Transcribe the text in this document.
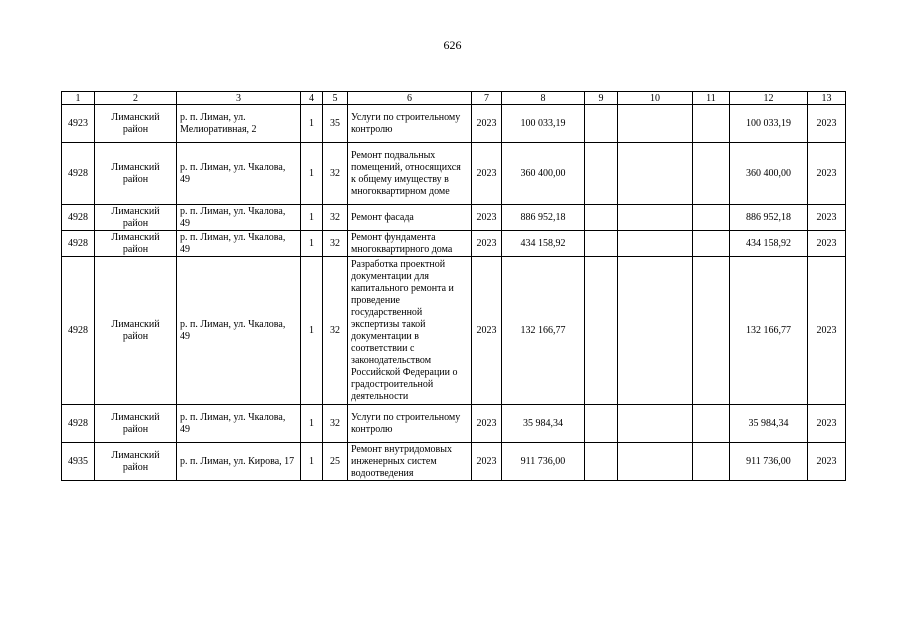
626
1	2	3	4	5	6	7	8	9	10	11	12	13
4923	Лиманский район	р. п. Лиман, ул. Мелиоративная, 2	1	35	Услуги по строительному контролю	2023	100 033,19				100 033,19	2023
4928	Лиманский район	р. п. Лиман, ул. Чкалова, 49	1	32	Ремонт подвальных помещений, относящихся к общему имуществу в многоквартирном доме	2023	360 400,00				360 400,00	2023
4928	Лиманский район	р. п. Лиман, ул. Чкалова, 49	1	32	Ремонт фасада	2023	886 952,18				886 952,18	2023
4928	Лиманский район	р. п. Лиман, ул. Чкалова, 49	1	32	Ремонт фундамента многоквартирного дома	2023	434 158,92				434 158,92	2023
4928	Лиманский район	р. п. Лиман, ул. Чкалова, 49	1	32	Разработка проектной документации для капитального ремонта и проведение государственной экспертизы такой документации в соответствии с законодательством Российской Федерации о градостроительной деятельности	2023	132 166,77				132 166,77	2023
4928	Лиманский район	р. п. Лиман, ул. Чкалова, 49	1	32	Услуги по строительному контролю	2023	35 984,34				35 984,34	2023
4935	Лиманский район	р. п. Лиман, ул. Кирова, 17	1	25	Ремонт внутридомовых инженерных систем водоотведения	2023	911 736,00				911 736,00	2023
